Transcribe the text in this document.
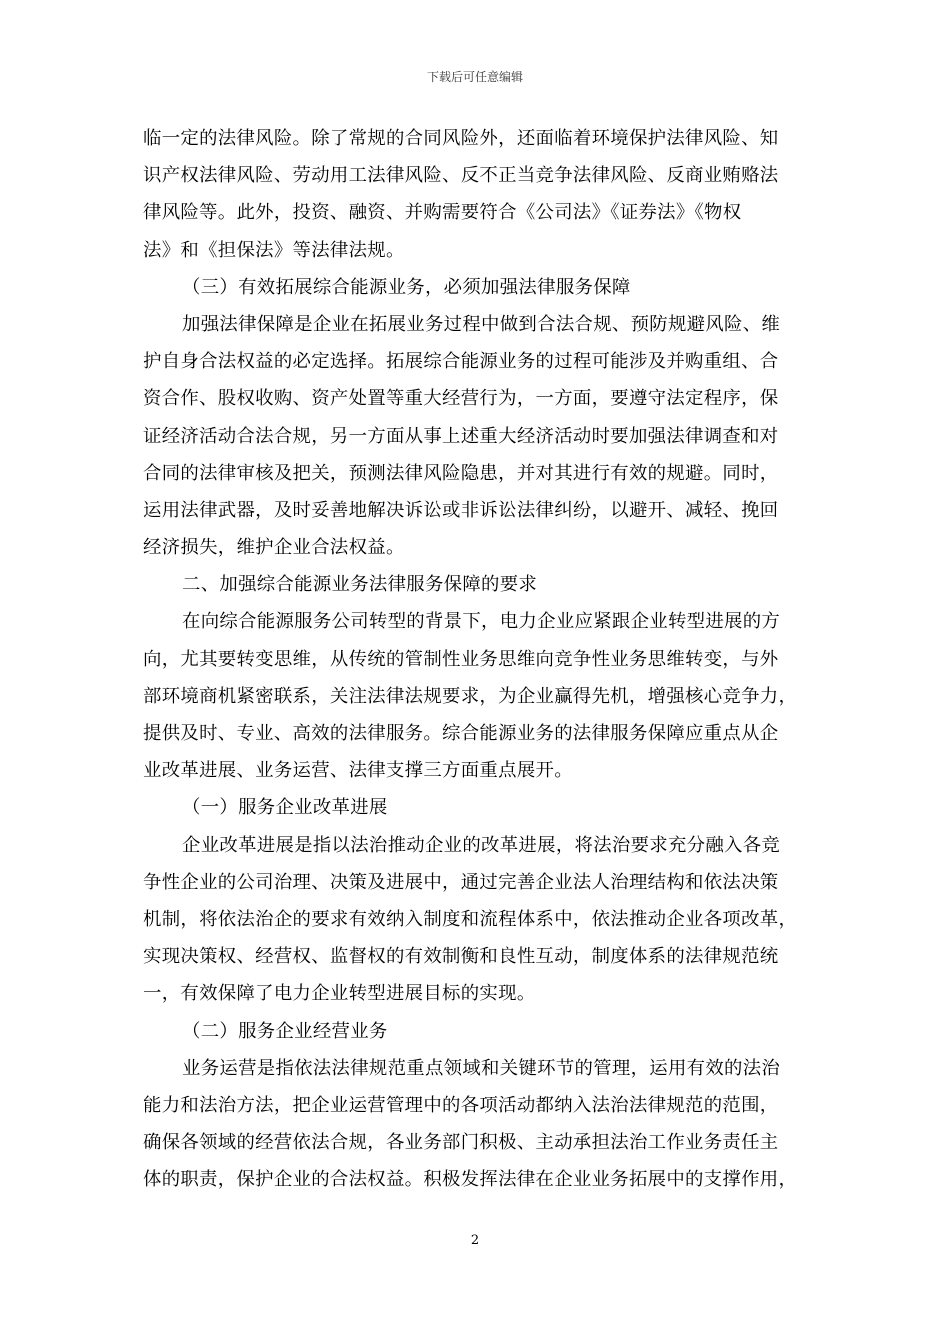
下载后可任意编辑
临一定的法律风险。除了常规的合同风险外，还面临着环境保护法律风险、知
识产权法律风险、劳动用工法律风险、反不正当竞争法律风险、反商业贿赂法
律风险等。此外，投资、融资、并购需要符合《公司法》《证券法》《物权
法》和《担保法》等法律法规。
（三）有效拓展综合能源业务，必须加强法律服务保障
加强法律保障是企业在拓展业务过程中做到合法合规、预防规避风险、维
护自身合法权益的必定选择。拓展综合能源业务的过程可能涉及并购重组、合
资合作、股权收购、资产处置等重大经营行为，一方面，要遵守法定程序，保
证经济活动合法合规，另一方面从事上述重大经济活动时要加强法律调查和对
合同的法律审核及把关，预测法律风险隐患，并对其进行有效的规避。同时，
运用法律武器，及时妥善地解决诉讼或非诉讼法律纠纷，以避开、减轻、挽回
经济损失，维护企业合法权益。
二、加强综合能源业务法律服务保障的要求
在向综合能源服务公司转型的背景下，电力企业应紧跟企业转型进展的方
向，尤其要转变思维，从传统的管制性业务思维向竞争性业务思维转变，与外
部环境商机紧密联系，关注法律法规要求，为企业赢得先机，增强核心竞争力，
提供及时、专业、高效的法律服务。综合能源业务的法律服务保障应重点从企
业改革进展、业务运营、法律支撑三方面重点展开。
（一）服务企业改革进展
企业改革进展是指以法治推动企业的改革进展，将法治要求充分融入各竞
争性企业的公司治理、决策及进展中，通过完善企业法人治理结构和依法决策
机制，将依法治企的要求有效纳入制度和流程体系中，依法推动企业各项改革，
实现决策权、经营权、监督权的有效制衡和良性互动，制度体系的法律规范统
一，有效保障了电力企业转型进展目标的实现。
（二）服务企业经营业务
业务运营是指依法法律规范重点领域和关键环节的管理，运用有效的法治
能力和法治方法，把企业运营管理中的各项活动都纳入法治法律规范的范围，
确保各领域的经营依法合规，各业务部门积极、主动承担法治工作业务责任主
体的职责，保护企业的合法权益。积极发挥法律在企业业务拓展中的支撑作用，
2
